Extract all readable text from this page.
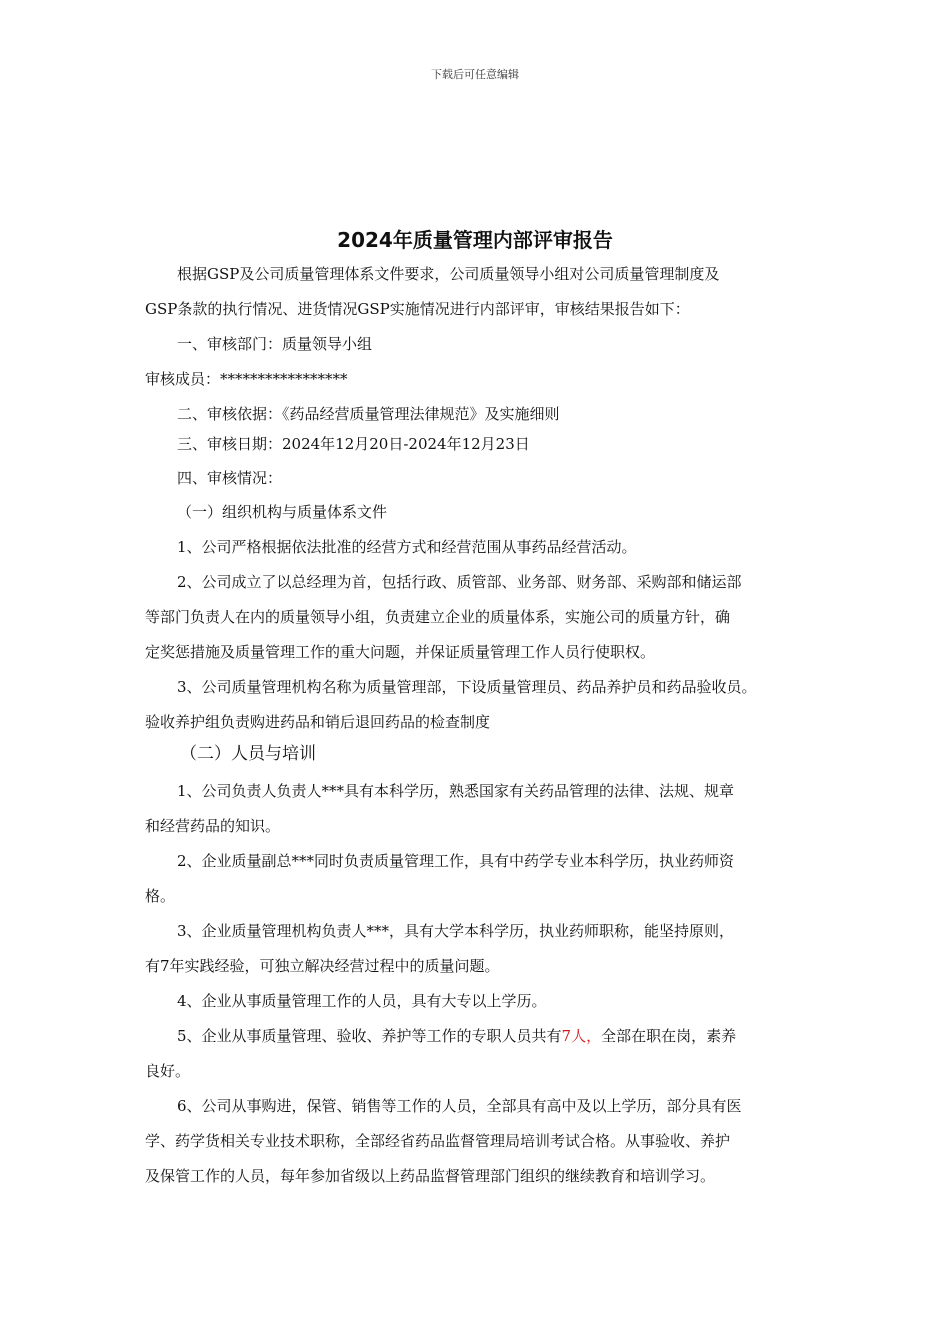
下载后可任意编辑
2024年质量管理内部评审报告
根据GSP及公司质量管理体系文件要求，公司质量领导小组对公司质量管理制度及
GSP条款的执行情况、进货情况GSP实施情况进行内部评审，审核结果报告如下：
一、审核部门：质量领导小组
审核成员：*****************
二、审核依据：《药品经营质量管理法律规范》及实施细则
三、审核日期：2024年12月20日-2024年12月23日
四、审核情况：
（一）组织机构与质量体系文件
1、公司严格根据依法批准的经营方式和经营范围从事药品经营活动。
2、公司成立了以总经理为首，包括行政、质管部、业务部、财务部、采购部和储运部
等部门负责人在内的质量领导小组，负责建立企业的质量体系，实施公司的质量方针，确
定奖惩措施及质量管理工作的重大问题，并保证质量管理工作人员行使职权。
3、公司质量管理机构名称为质量管理部，下设质量管理员、药品养护员和药品验收员。
验收养护组负责购进药品和销后退回药品的检查制度
（二）人员与培训
1、公司负责人负责人***具有本科学历，熟悉国家有关药品管理的法律、法规、规章
和经营药品的知识。
2、企业质量副总***同时负责质量管理工作，具有中药学专业本科学历，执业药师资
格。
3、企业质量管理机构负责人***，具有大学本科学历，执业药师职称，能坚持原则，
有7年实践经验，可独立解决经营过程中的质量问题。
4、企业从事质量管理工作的人员，具有大专以上学历。
5、企业从事质量管理、验收、养护等工作的专职人员共有7人，全部在职在岗，素养
良好。
6、公司从事购进，保管、销售等工作的人员，全部具有高中及以上学历，部分具有医
学、药学货相关专业技术职称，全部经省药品监督管理局培训考试合格。从事验收、养护
及保管工作的人员，每年参加省级以上药品监督管理部门组织的继续教育和培训学习。
